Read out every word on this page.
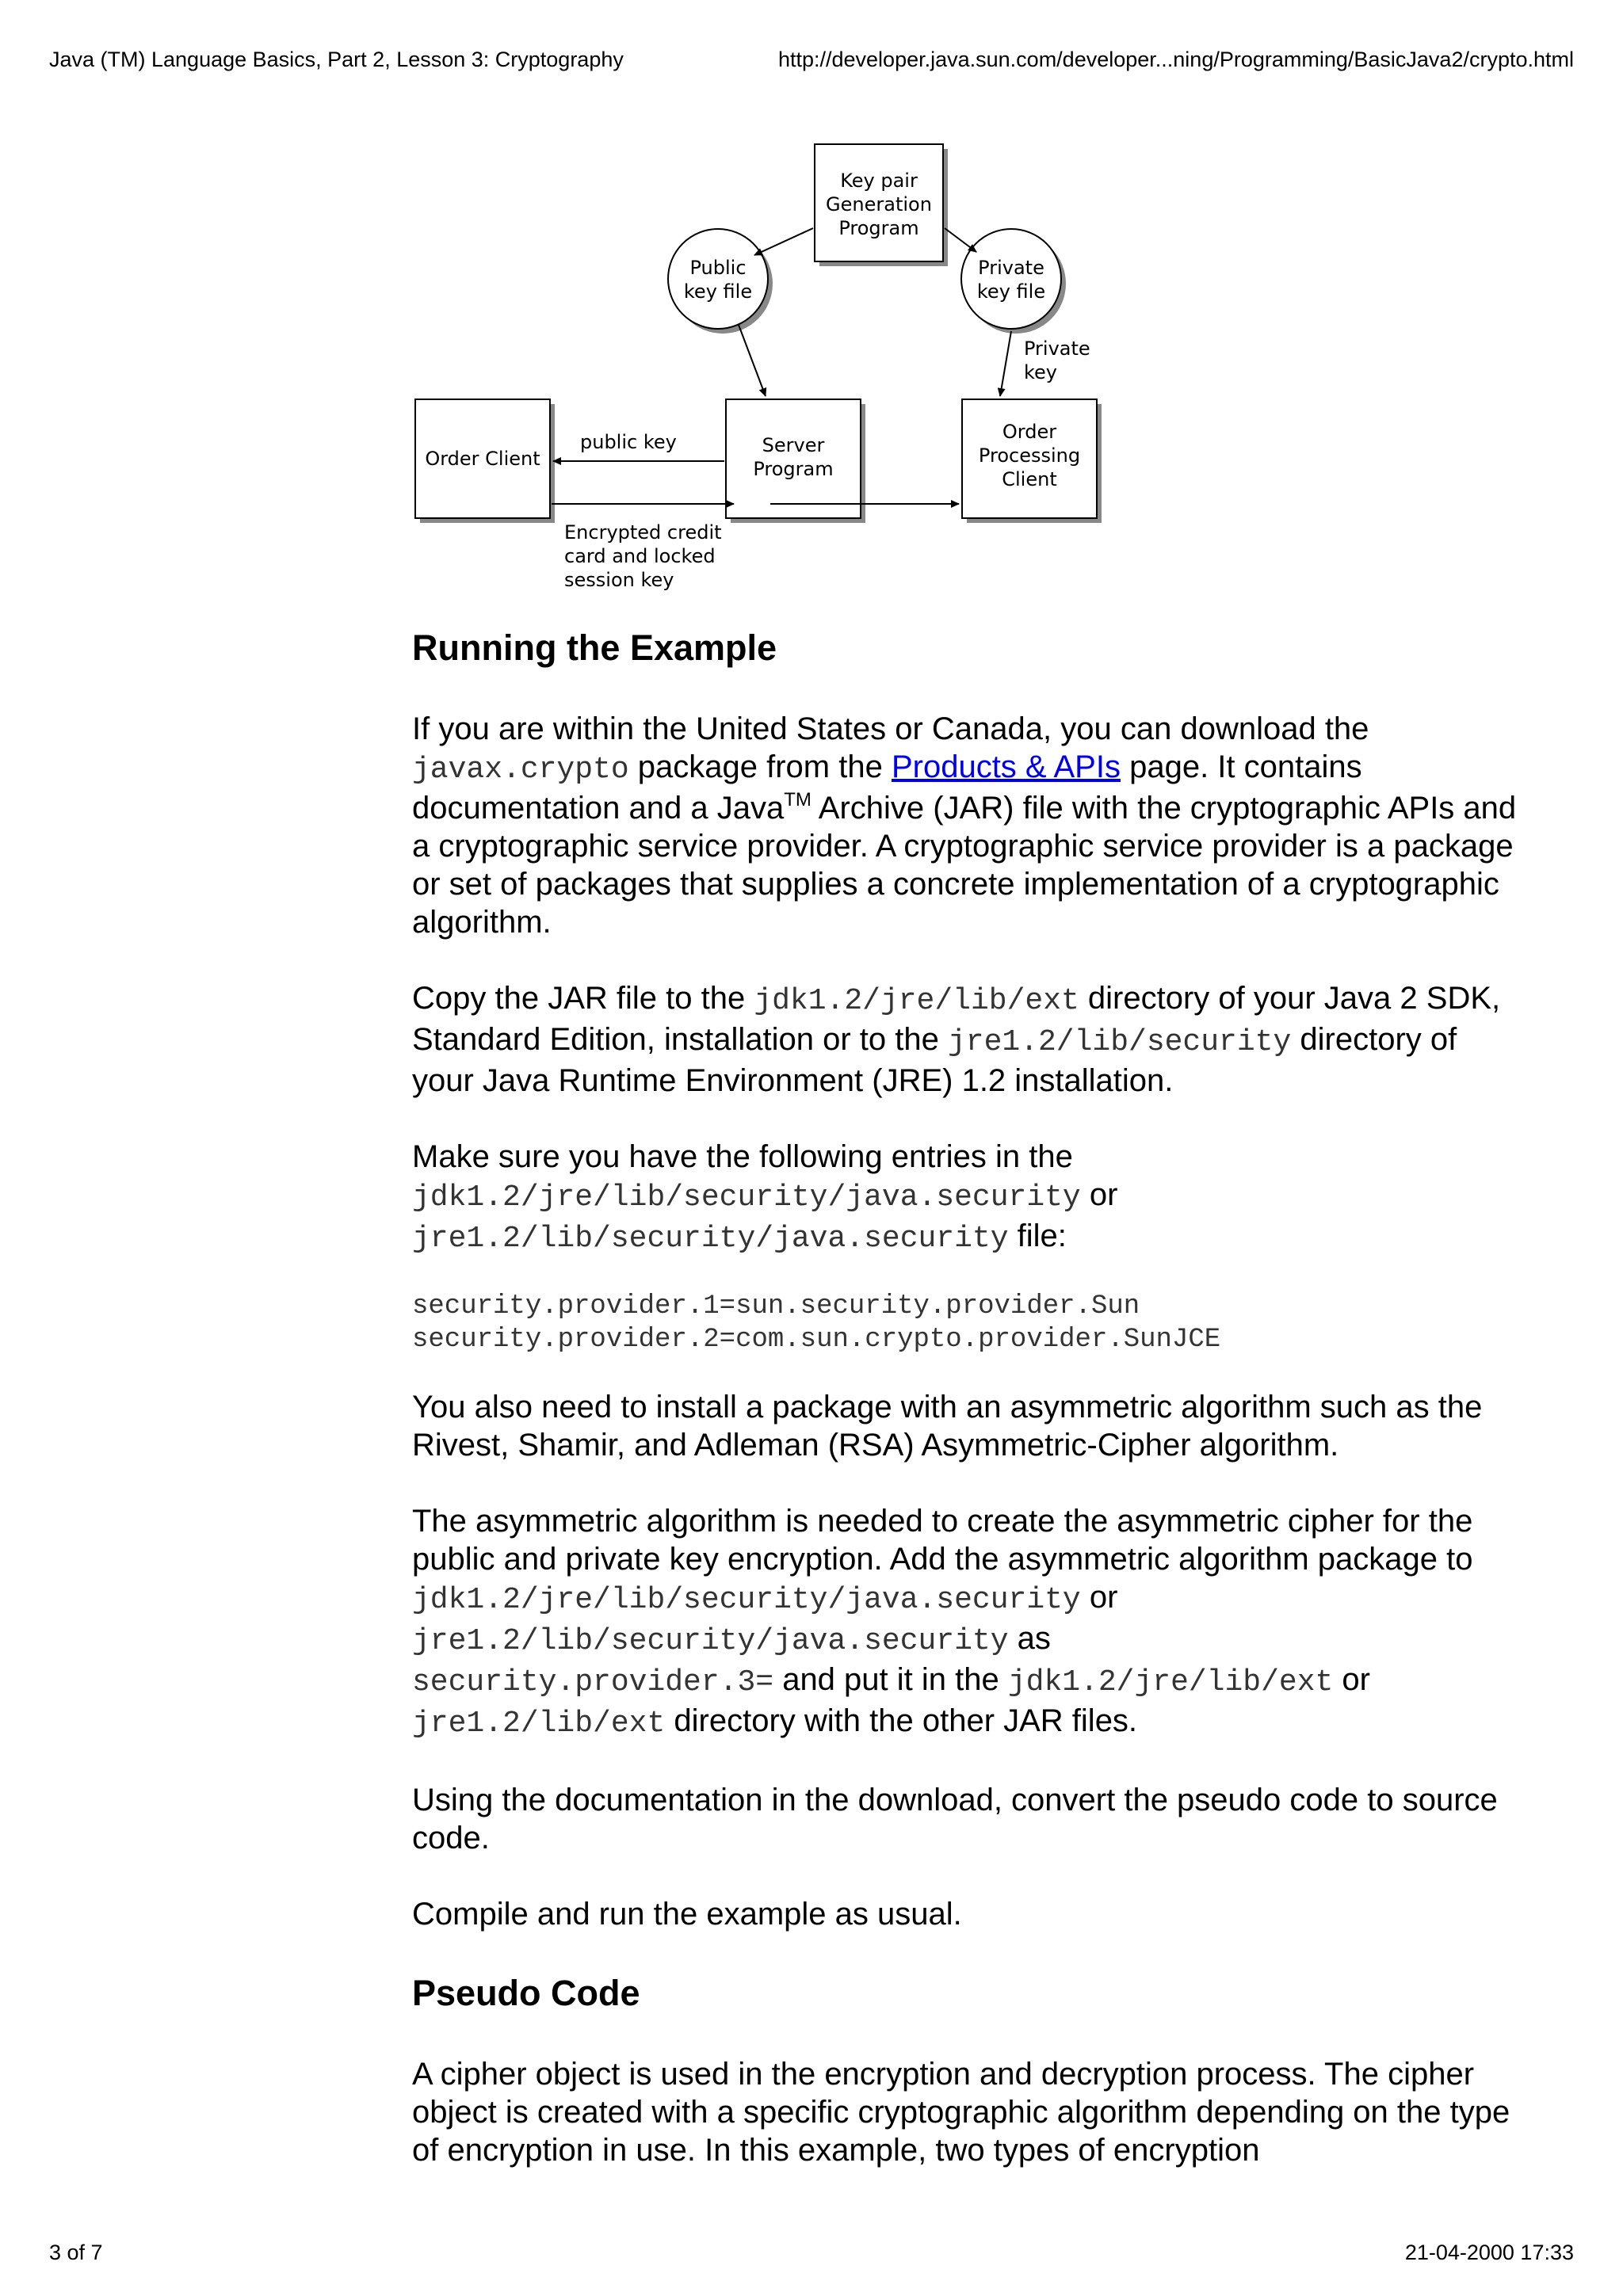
Java (TM) Language Basics, Part 2, Lesson 3: Cryptography	http://developer.java.sun.com/developer...ning/Programming/BasicJava2/crypto.html
Key pair
Generation
Program
Public
key file
Private
key file
Order Client
Server
Program
Order
Processing
Client
Private
key
public key
Encrypted credit
card and locked
session key
Running the Example

If you are within the United States or Canada, you can download the
javax.crypto package from the Products & APIs page. It contains documentation and a Java™ Archive (JAR) file with the cryptographic APIs and a cryptographic service provider. A cryptographic service provider is a package or set of packages that supplies a concrete implementation of a cryptographic algorithm.

Copy the JAR file to the jdk1.2/jre/lib/ext directory of your Java 2 SDK, Standard Edition, installation or to the jre1.2/lib/security directory of your Java Runtime Environment (JRE) 1.2 installation.

Make sure you have the following entries in the
jdk1.2/jre/lib/security/java.security or
jre1.2/lib/security/java.security file:

security.provider.1=sun.security.provider.Sun
security.provider.2=com.sun.crypto.provider.SunJCE

You also need to install a package with an asymmetric algorithm such as the Rivest, Shamir, and Adleman (RSA) Asymmetric-Cipher algorithm.

The asymmetric algorithm is needed to create the asymmetric cipher for the public and private key encryption. Add the asymmetric algorithm package to jdk1.2/jre/lib/security/java.security or
jre1.2/lib/security/java.security as
security.provider.3= and put it in the jdk1.2/jre/lib/ext or
jre1.2/lib/ext directory with the other JAR files.

Using the documentation in the download, convert the pseudo code to source code.

Compile and run the example as usual.

Pseudo Code

A cipher object is used in the encryption and decryption process. The cipher object is created with a specific cryptographic algorithm depending on the type of encryption in use. In this example, two types of encryption

3 of 7	21-04-2000 17:33
